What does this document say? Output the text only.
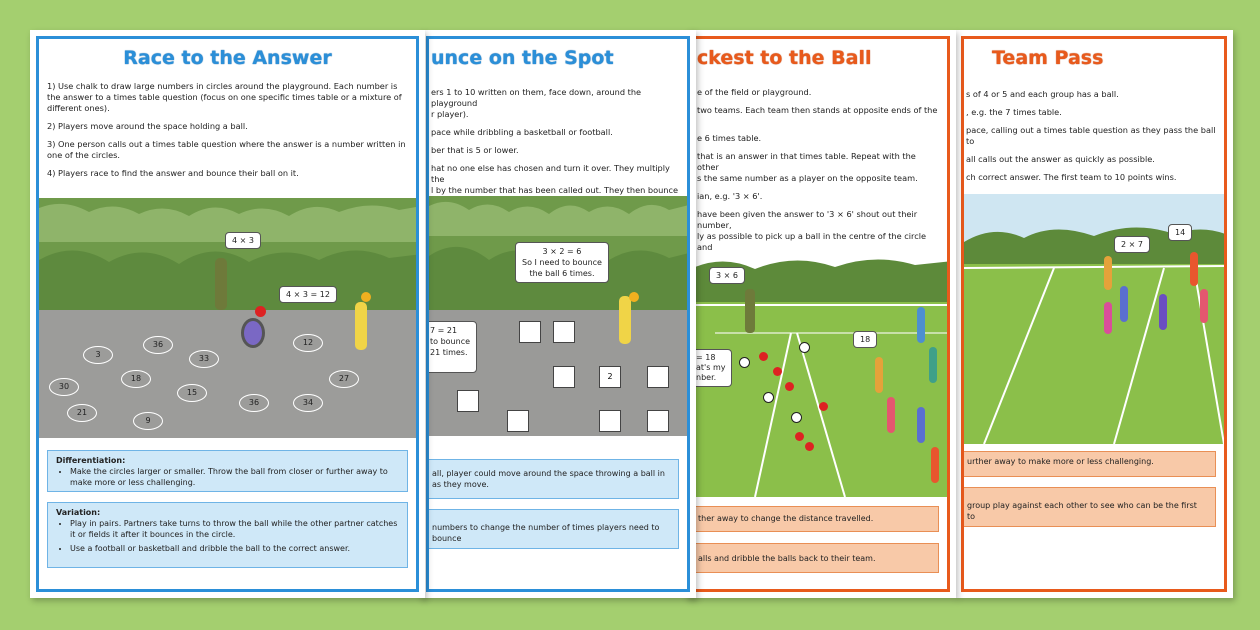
Team Pass

s of 4 or 5 and each group has a ball.

, e.g. the 7 times table.

pace, calling out a times table question as they pass the ball to

all calls out the answer as quickly as possible.

ch correct answer. The first team to 10 points wins.

2 × 7
14
urther away to make more or less challenging.
group play against each other to see who can be the first to
ckest to the Ball

e of the field or playground.

two teams. Each team then stands at opposite ends of the

e 6 times table.

that is an answer in that times table. Repeat with the other

s the same number as a player on the opposite team.

ian, e.g. '3 × 6'.

have been given the answer to '3 × 6' shout out their number,

ly as possible to pick up a ball in the centre of the circle and

3 × 6
18
= 18
at's my
nber.
ther away to change the distance travelled.
alls and dribble the balls back to their team.
unce on the Spot

ers 1 to 10 written on them, face down, around the playground

r player).

pace while dribbling a basketball or football.

ber that is 5 or lower.

hat no one else has chosen and turn it over. They multiply the

l by the number that has been called out. They then bounce

3 × 2 = 6
So I need to bounce
the ball 6 times.
7 = 21
to bounce
21 times.
2
all, player could move around the space throwing a ball in
as they move.
numbers to change the number of times players need to bounce
Race to the Answer

1) Use chalk to draw large numbers in circles around the playground. Each number is the answer to a times table question (focus on one specific times table or a mixture of different ones).

2) Players move around the space holding a ball.

3) One person calls out a times table question where the answer is a number written in one of the circles.

4) Players race to find the answer and bounce their ball on it.

4 × 3
4 × 3 = 12
3
36
33
12
18
15
27
30
21
9
36	34
Differentiation:
• Make the circles larger or smaller. Throw the ball from closer or further away to make more or less challenging.
Variation:
• Play in pairs. Partners take turns to throw the ball while the other partner catches it or fields it after it bounces in the circle.
• Use a football or basketball and dribble the ball to the correct answer.
